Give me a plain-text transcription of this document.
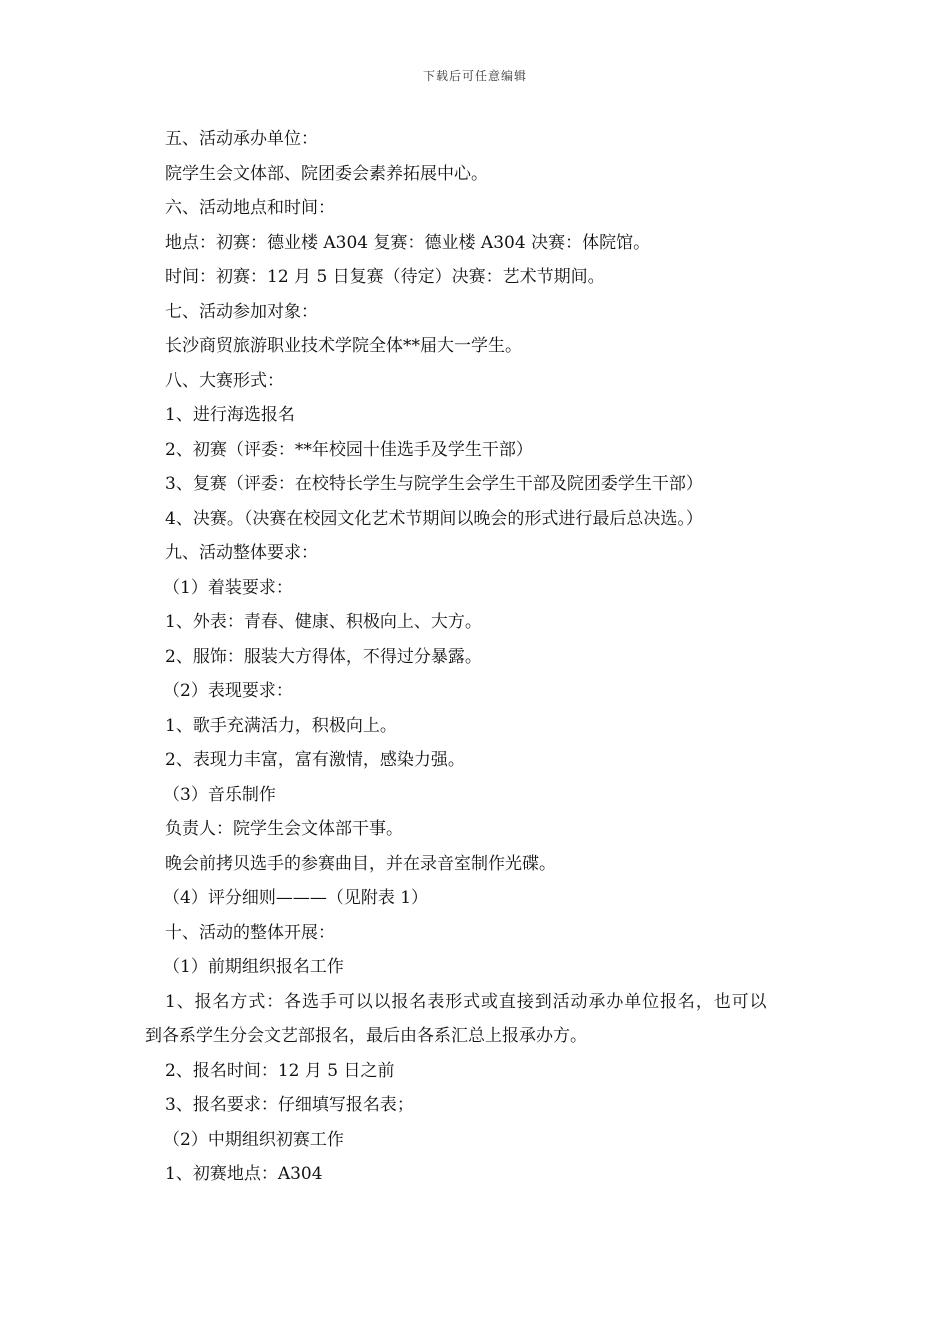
下载后可任意编辑
五、活动承办单位：
院学生会文体部、院团委会素养拓展中心。
六、活动地点和时间：
地点：初赛：德业楼 A304 复赛：德业楼 A304 决赛：体院馆。
时间：初赛：12 月 5 日复赛（待定）决赛：艺术节期间。
七、活动参加对象：
长沙商贸旅游职业技术学院全体**届大一学生。
八、大赛形式：
1、进行海选报名
2、初赛（评委：**年校园十佳选手及学生干部）
3、复赛（评委：在校特长学生与院学生会学生干部及院团委学生干部）
4、决赛。（决赛在校园文化艺术节期间以晚会的形式进行最后总决选。）
九、活动整体要求：
（1）着装要求：
1、外表：青春、健康、积极向上、大方。
2、服饰：服装大方得体，不得过分暴露。
（2）表现要求：
1、歌手充满活力，积极向上。
2、表现力丰富，富有激情，感染力强。
（3）音乐制作
负责人：院学生会文体部干事。
晚会前拷贝选手的参赛曲目，并在录音室制作光碟。
（4）评分细则———（见附表 1）
十、活动的整体开展：
（1）前期组织报名工作
1、报名方式：各选手可以以报名表形式或直接到活动承办单位报名，也可以
到各系学生分会文艺部报名，最后由各系汇总上报承办方。
2、报名时间：12 月 5 日之前
3、报名要求：仔细填写报名表；
（2）中期组织初赛工作
1、初赛地点：A304
